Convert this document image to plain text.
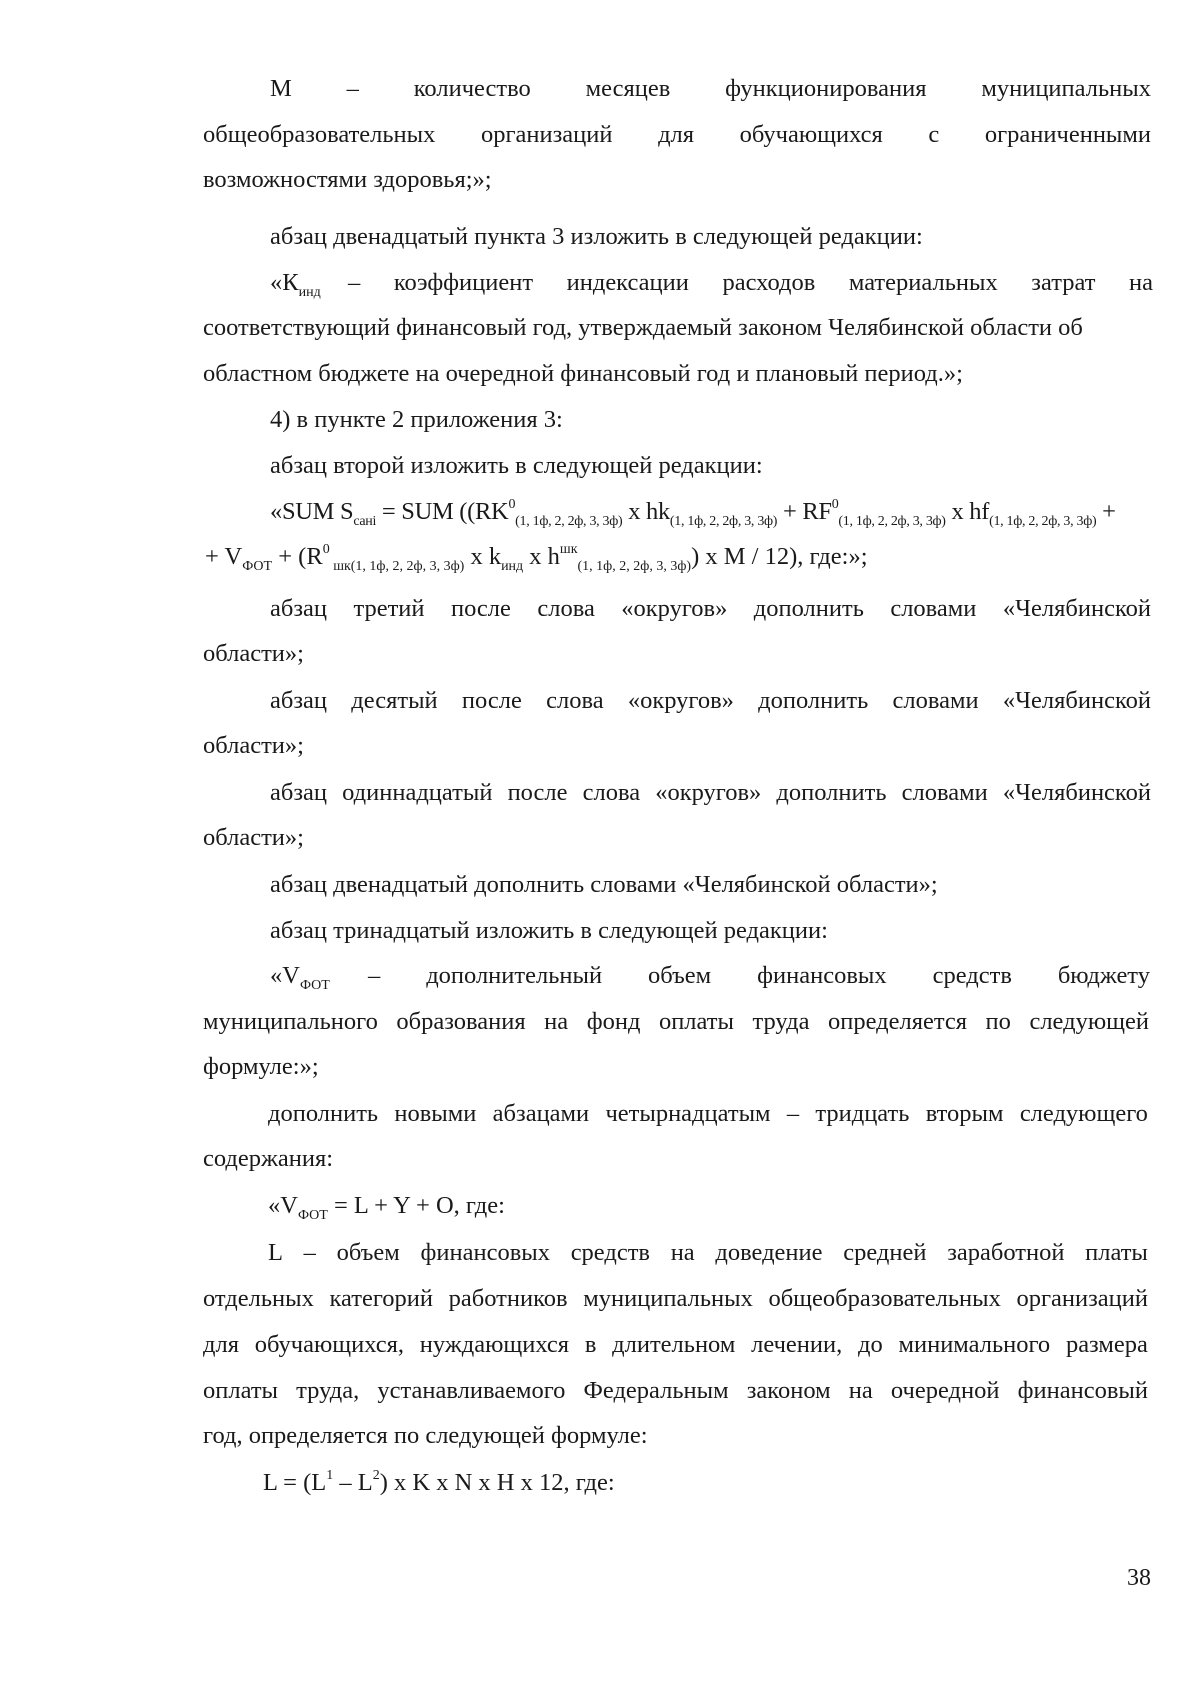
М – количество месяцев функционирования муниципальных
общеобразовательных организаций для обучающихся с ограниченными
возможностями здоровья;»;
абзац двенадцатый пункта 3 изложить в следующей редакции:
«$К_{инд}$ – коэффициент индексации расходов материальных затрат на
соответствующий финансовый год, утверждаемый законом Челябинской области об
областном бюджете на очередной финансовый год и плановый период.»;
4) в пункте 2 приложения 3:
абзац второй изложить в следующей редакции:
«SUM $S_{сані}$ = SUM (($RK^0_{(1, 1ф, 2, 2ф, 3, 3ф)}$ x $hk_{(1, 1ф, 2, 2ф, 3, 3ф)} + RF^0_{(1, 1ф, 2, 2ф, 3, 3ф)}$ x $hf_{(1, 1ф, 2, 2ф, 3, 3ф)}$ +
+ $V_{ФОТ} + (R^0$ $_{шк(1, 1ф, 2, 2ф, 3, 3ф)}$ x $k_{инд}$ x $h^{шк}_{(1, 1ф, 2, 2ф, 3, 3ф)}$) x M / 12), где:»;
абзац третий после слова «округов» дополнить словами «Челябинской
области»;
абзац десятый после слова «округов» дополнить словами «Челябинской
области»;
абзац одиннадцатый после слова «округов» дополнить словами «Челябинской
области»;
абзац двенадцатый дополнить словами «Челябинской области»;
абзац тринадцатый изложить в следующей редакции:
«$V_{ФОТ}$ – дополнительный объем финансовых средств бюджету
муниципального образования на фонд оплаты труда определяется по следующей
формуле:»;
дополнить новыми абзацами четырнадцатым – тридцать вторым следующего
содержания:
«$V_{ФОТ} = L + Y + O$, где:
L – объем финансовых средств на доведение средней заработной платы
отдельных категорий работников муниципальных общеобразовательных организаций
для обучающихся, нуждающихся в длительном лечении, до минимального размера
оплаты труда, устанавливаемого Федеральным законом на очередной финансовый
год, определяется по следующей формуле:
$L = (L^1 - L^2)$ x K x N x H x 12, где:
38
